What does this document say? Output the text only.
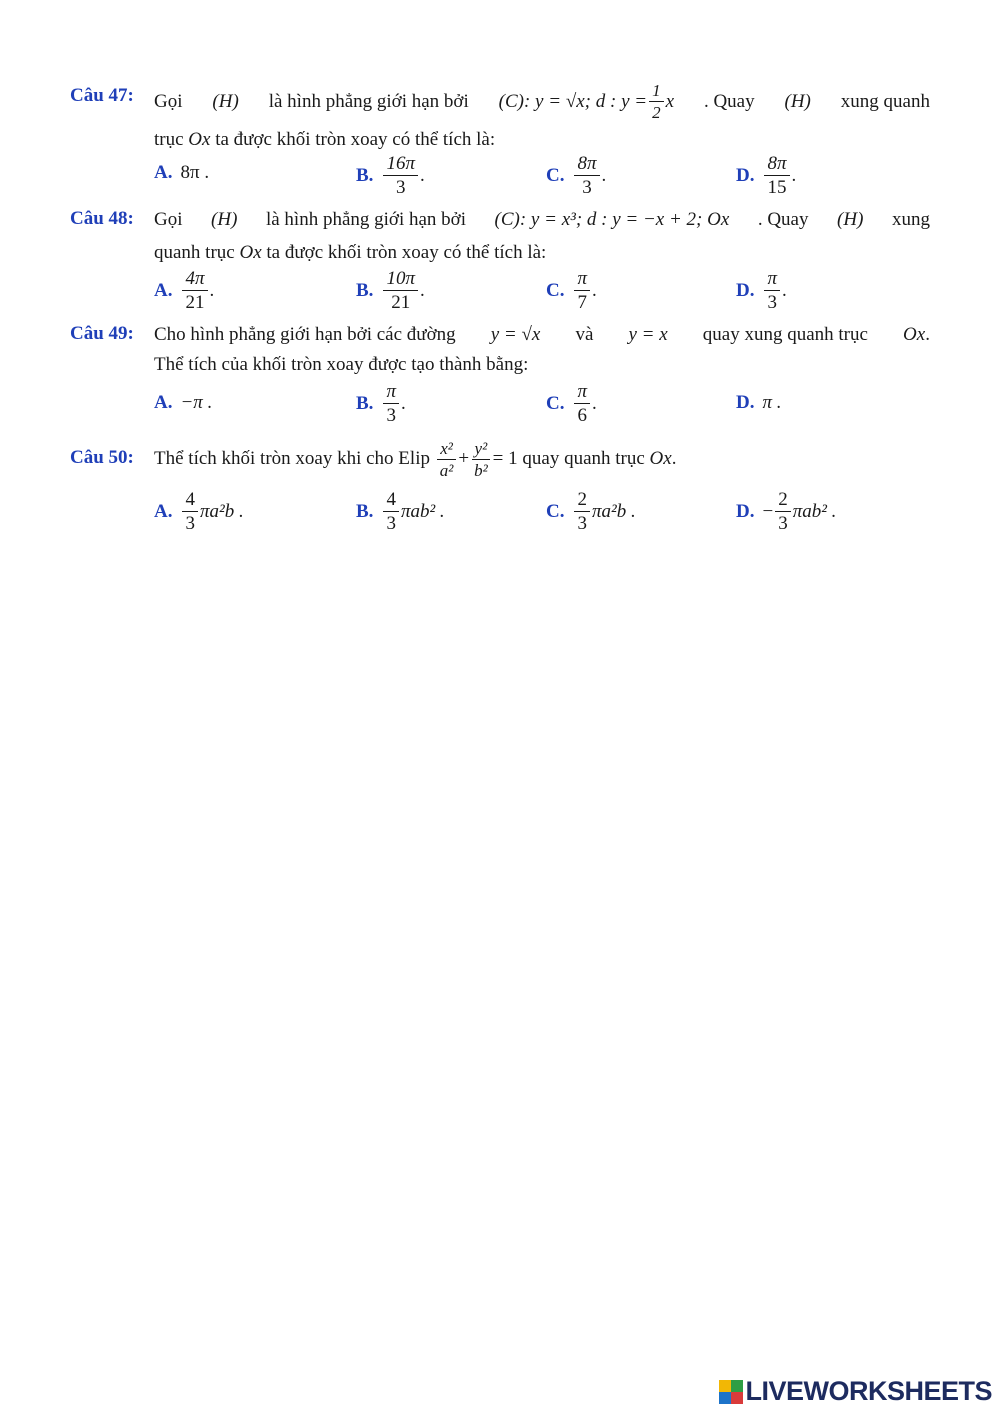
Câu 47: Gọi (H) là hình phẳng giới hạn bởi (C) : y = √x; d : $y = \frac{1}{2}$ x . Quay (H) xung quanh
trục Ox ta được khối tròn xoay có thể tích là:
A. 8π .	B. $\frac{16\pi}{3}$ .	C. $\frac{8\pi}{3}$ .	D. $\frac{8\pi}{15}$ .
Câu 48: Gọi (H) là hình phẳng giới hạn bởi (C): y = x³; d : y = −x + 2; Ox . Quay (H) xung
quanh trục Ox ta được khối tròn xoay có thể tích là:
A. $\frac{4\pi}{21}$ .	B. $\frac{10\pi}{21}$ .	C. $\frac{\pi}{7}$ .	D. $\frac{\pi}{3}$ .
Câu 49: Cho hình phẳng giới hạn bởi các đường y = √x và y = x quay xung quanh trục Ox.
Thể tích của khối tròn xoay được tạo thành bằng:
A. −π .	B. $\frac{\pi}{3}$ .	C. $\frac{\pi}{6}$ .	D. π .
Câu 50: Thể tích khối tròn xoay khi cho Elip
$\frac{\text{x²}}{\text{a²}} + \frac{\text{y²}}{\text{b²}} = 1$
quay quanh trục
Ox .
A. $\frac{4}{3} \pi a^2b$ .	B. $\frac{4}{3} \pi ab^2$ .	C. $\frac{2}{3} \pi a^2b$ .	D. − $\frac{2}{3} \pi ab^2$ .
LIVEWORKSHEETS
